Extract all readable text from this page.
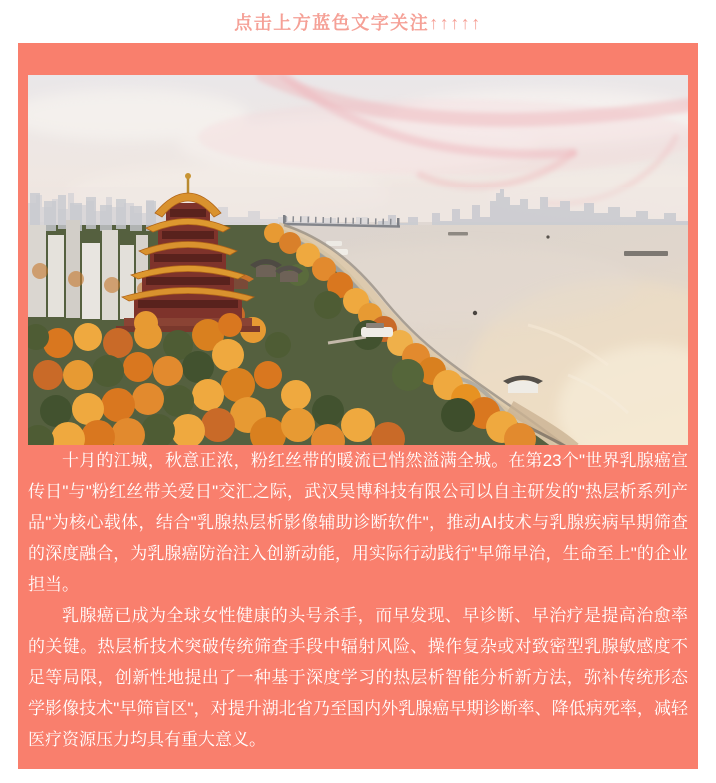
点击上方蓝色文字关注↑↑↑↑↑

十月的江城，秋意正浓，粉红丝带的暖流已悄然溢满全城。在第23个"世界乳腺癌宣传日"与"粉红丝带关爱日"交汇之际，武汉昊博科技有限公司以自主研发的"热层析系列产品"为核心载体，结合"乳腺热层析影像辅助诊断软件"，推动AI技术与乳腺疾病早期筛查的深度融合，为乳腺癌防治注入创新动能，用实际行动践行"早筛早治，生命至上"的企业担当。

乳腺癌已成为全球女性健康的头号杀手，而早发现、早诊断、早治疗是提高治愈率的关键。热层析技术突破传统筛查手段中辐射风险、操作复杂或对致密型乳腺敏感度不足等局限，创新性地提出了一种基于深度学习的热层析智能分析新方法，弥补传统形态学影像技术"早筛盲区"，对提升湖北省乃至国内外乳腺癌早期诊断率、降低病死率，减轻医疗资源压力均具有重大意义。
